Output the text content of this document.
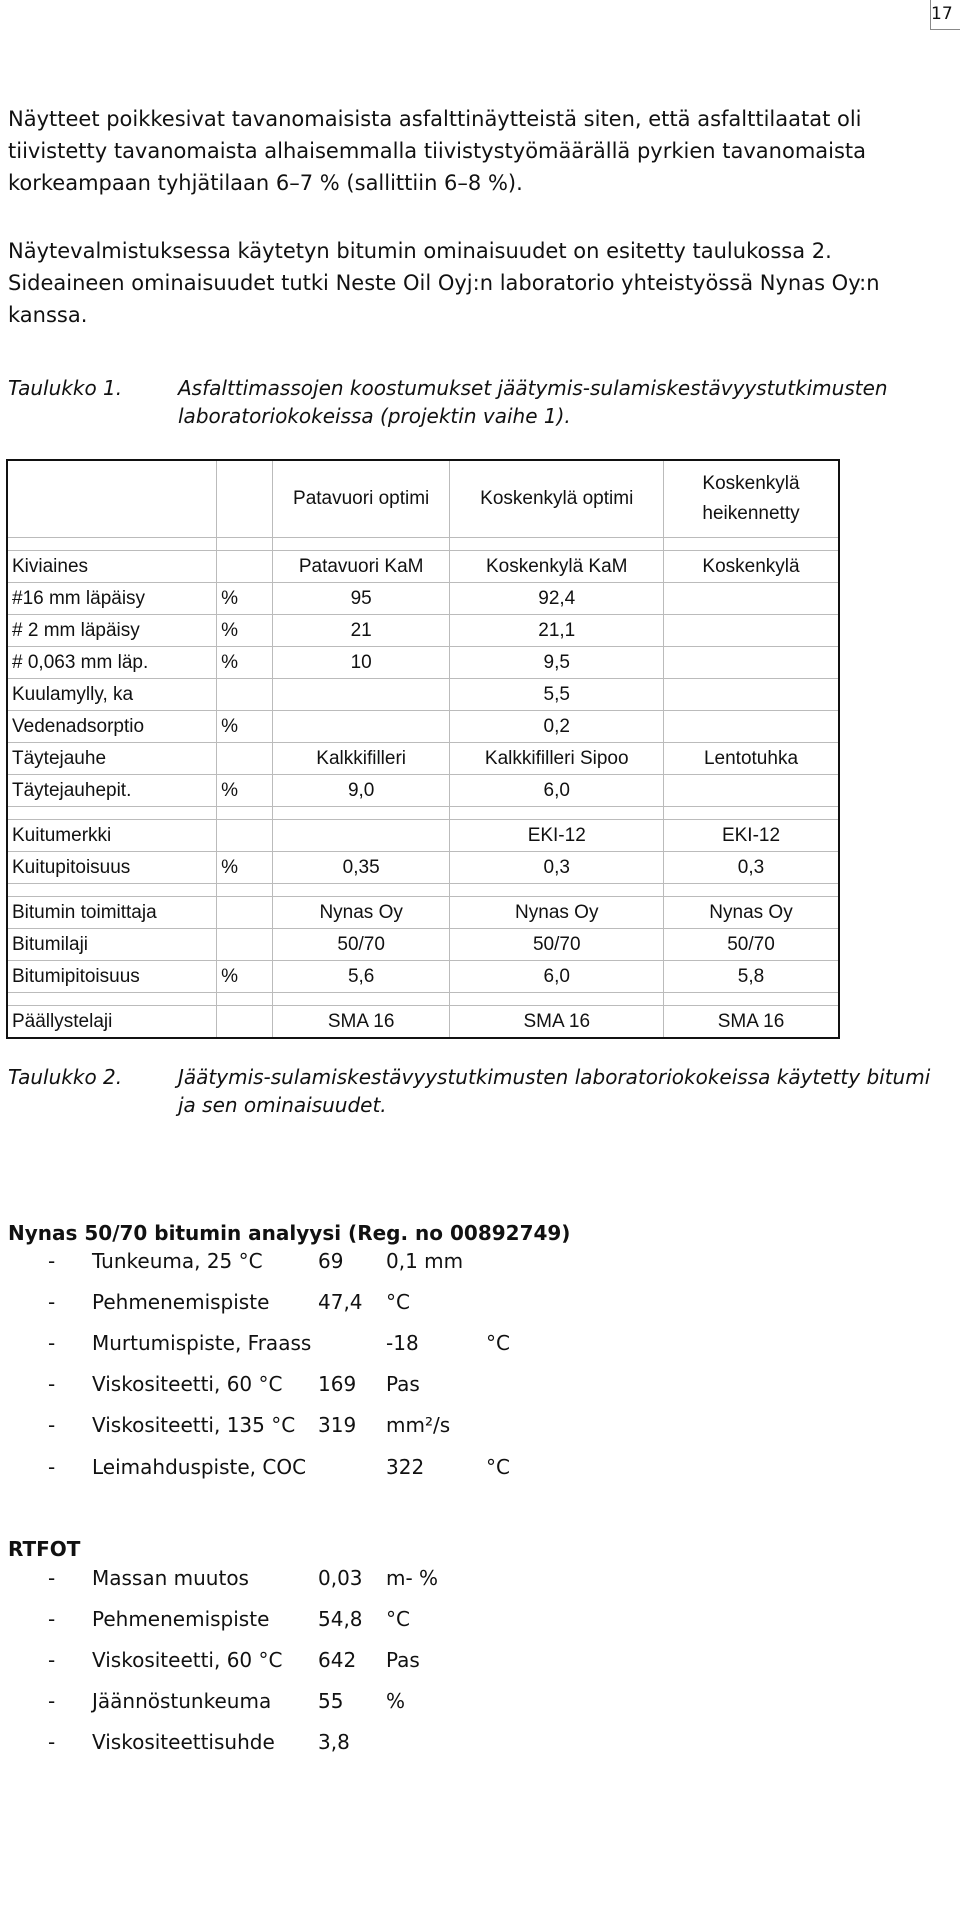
17

Näytteet poikkesivat tavanomaisista asfalttinäytteistä siten, että asfalttilaatat oli tiivistetty tavanomaista alhaisemmalla tiivistystyömäärällä pyrkien tavanomaista korkeampaan tyhjätilaan 6–7 % (sallittiin 6–8 %).

Näytevalmistuksessa käytetyn bitumin ominaisuudet on esitetty taulukossa 2. Sideaineen ominaisuudet tutki Neste Oil Oyj:n laboratorio yhteistyössä Nynas Oy:n kanssa.

Taulukko 1.	Asfalttimassojen koostumukset jäätymis-sulamiskestävyystutkimusten laboratoriokokeissa (projektin vaihe 1).
		Patavuori optimi	Koskenkylä optimi	Koskenkylä heikennetty

Kiviaines		Patavuori KaM	Koskenkylä KaM	Koskenkylä
#16 mm läpäisy	%	95	92,4	
# 2 mm läpäisy	%	21	21,1	
# 0,063 mm läp.	%	10	9,5	
Kuulamylly, ka			5,5	
Vedenadsorptio	%		0,2	
Täytejauhe		Kalkkifilleri	Kalkkifilleri Sipoo	Lentotuhka
Täytejauhepit.	%	9,0	6,0	

Kuitumerkki			EKI-12	EKI-12
Kuitupitoisuus	%	0,35	0,3	0,3

Bitumin toimittaja		Nynas Oy	Nynas Oy	Nynas Oy
Bitumilaji		50/70	50/70	50/70
Bitumipitoisuus	%	5,6	6,0	5,8

Päällystelaji		SMA 16	SMA 16	SMA 16
Taulukko 2.	Jäätymis-sulamiskestävyystutkimusten laboratoriokokeissa käytetty bitumi ja sen ominaisuudet.
Nynas 50/70 bitumin analyysi (Reg. no 00892749)
- Tunkeuma, 25 °C	69 0,1 mm
- Pehmenemispiste 47,4 °C
- Murtumispiste, Fraass	-18	°C
- Viskositeetti, 60 °C 169 Pas
- Viskositeetti, 135 °C 319 mm²/s
- Leimahduspiste, COC	322	°C
RTFOT
- Massan muutos	0,03 m- %
- Pehmenemispiste 54,8 °C
- Viskositeetti, 60 °C 642 Pas
- Jäännöstunkeuma 55 %
- Viskositeettisuhde 3,8
